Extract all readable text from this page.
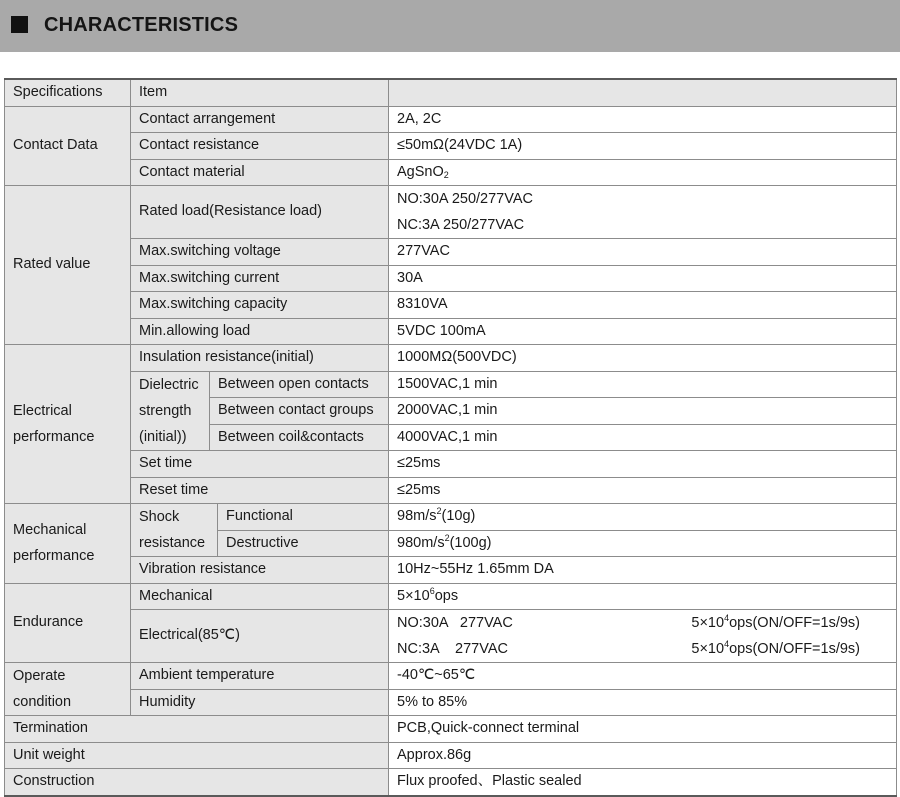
CHARACTERISTICS
Specifications	Item			
Contact Data	Contact arrangement			2A, 2C
	Contact resistance			≤50mΩ(24VDC 1A)
	Contact material			AgSnO$_2$
Rated value	Rated load(Resistance load)			NO:30A 250/277VAC
NC:3A 250/277VAC

	Max.switching voltage			277VAC
	Max.switching current			30A
	Max.switching capacity			8310VA
	Min.allowing load			5VDC 100mA

Electrical
performance	Insulation resistance(initial)			1000MΩ(500VDC)

	Dielectric
strength
(initial))	Between open contacts		1500VAC,1 min
		Between contact groups		2000VAC,1 min
		Between coil&contacts		4000VAC,1 min
	Set time			≤25ms
	Reset time			≤25ms

Mechanical
performance	Shock
resistance		Functional	$98m/s^2(10g)$
			Destructive	$980m/s^2(100g)$
	Vibration resistance			10Hz~55Hz 1.65mm DA
Endurance	Mechanical			$5\times 10^6ops$
	Electrical(85℃)			NO:30A   277VAC $5\times 10^4ops(ON/OFF=1s/9s)$
NC:3A    277VAC $5\times 10^4ops(ON/OFF=1s/9s)$

Operate
condition	Ambient temperature			-40℃~65℃
	Humidity			5% to 85%
Termination				PCB,Quick-connect terminal
Unit weight				Approx.86g
Construction				Flux proofed、Plastic sealed
